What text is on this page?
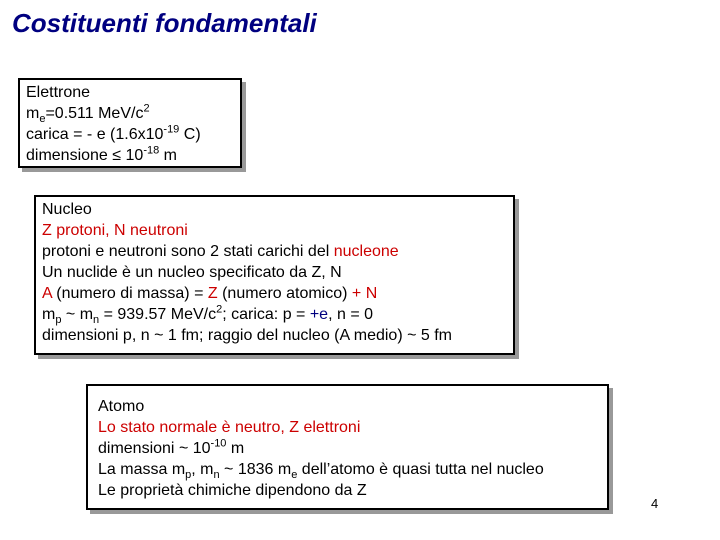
Costituenti fondamentali
Elettrone
$m_e=0.511$ MeV/$c^2$
carica = - e ($1.6x10^{-19}$ C)
dimensione ≤ $10^{-18}$ m
Nucleo
Z protoni, N neutroni
protoni e neutroni sono 2 stati carichi del nucleone
Un nuclide è un nucleo specificato da Z, N
A (numero di massa) = Z (numero atomico) + N
$m_p$ ~ $m_n = 939.57$ MeV/$c^2$; carica: p = +e, n = 0
dimensioni p, n ~ 1 fm; raggio del nucleo (A medio) ~ 5 fm
Atomo
Lo stato normale è neutro, Z elettroni
dimensioni ~ $10^{-10}$ m
La massa $m_p$, $m_n$ ~ 1836 $m_e$ dell’atomo è quasi tutta nel nucleo
Le proprietà chimiche dipendono da Z
4
